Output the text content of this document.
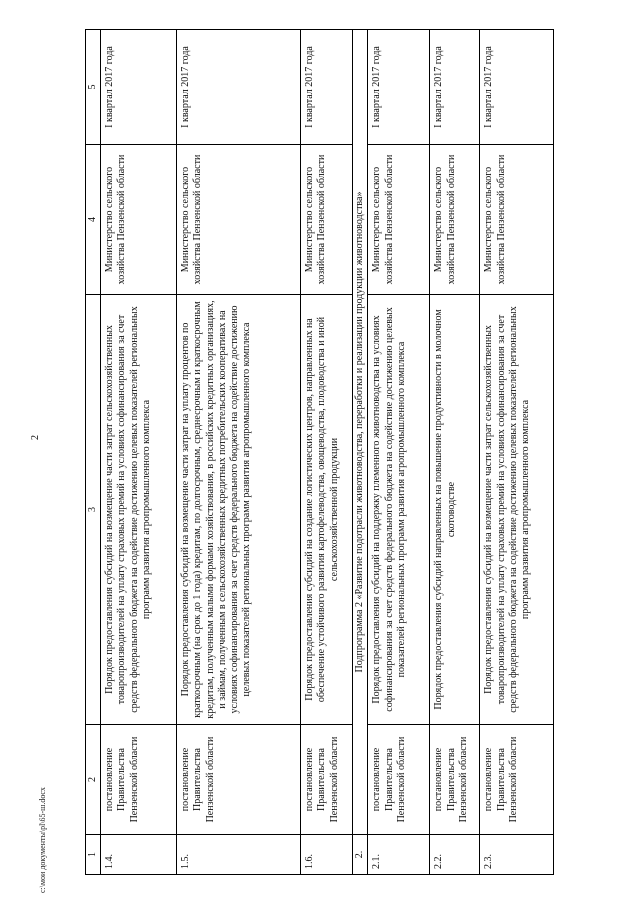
2
c:\мои документы\pl\65-ш.docx	1	2	3	4	5
1.4.	постановление Правительства Пензенской области	Порядок предоставления субсидий на возмещение части затрат сельскохозяйственных товаропроизводителей на уплату страховых премий на условиях софинансирования за счет средств федерального бюджета на содействие достижению целевых показателей региональных программ развития агропромышленного комплекса	Министерство сельского хозяйства Пензенской области	I квартал 2017 года
1.5.	постановление Правительства Пензенской области	Порядок предоставления субсидий на возмещение части затрат на уплату процентов по краткосрочным (на срок до 1 года) кредитам, по долгосрочным, среднесрочным и краткосрочным кредитам, полученным малыми формами хозяйствования, в российских кредитных организациях, и займам, полученным в сельскохозяйственных кредитных потребительских кооперативах на условиях софинансирования за счет средств федерального бюджета на содействие достижению целевых показателей региональных программ развития агропромышленного комплекса	Министерство сельского хозяйства Пензенской области	I квартал 2017 года
1.6.	постановление Правительства Пензенской области	Порядок предоставления субсидий на создание логистических центров, направленных на обеспечение устойчивого развития картофелеводства, овощеводства, плодоводства и иной сельскохозяйственной продукции	Министерство сельского хозяйства Пензенской области	I квартал 2017 года
2.	Подпрограмма 2 «Развитие подотрасли животноводства, переработки и реализации продукции животноводства»			
2.1.	постановление Правительства Пензенской области	Порядок предоставления субсидий на поддержку племенного животноводства на условиях софинансирования за счет средств федерального бюджета на содействие достижению целевых показателей региональных программ развития агропромышленного комплекса	Министерство сельского хозяйства Пензенской области	I квартал 2017 года
2.2.	постановление Правительства Пензенской области	Порядок предоставления субсидий направленных на повышение продуктивности в молочном скотоводстве	Министерство сельского хозяйства Пензенской области	I квартал 2017 года
2.3.	постановление Правительства Пензенской области	Порядок предоставления субсидий на возмещение части затрат сельскохозяйственных товаропроизводителей на уплату страховых премий на условиях софинансирования за счет средств федерального бюджета на содействие достижению целевых показателей региональных программ развития агропромышленного комплекса	Министерство сельского хозяйства Пензенской области	I квартал 2017 года
